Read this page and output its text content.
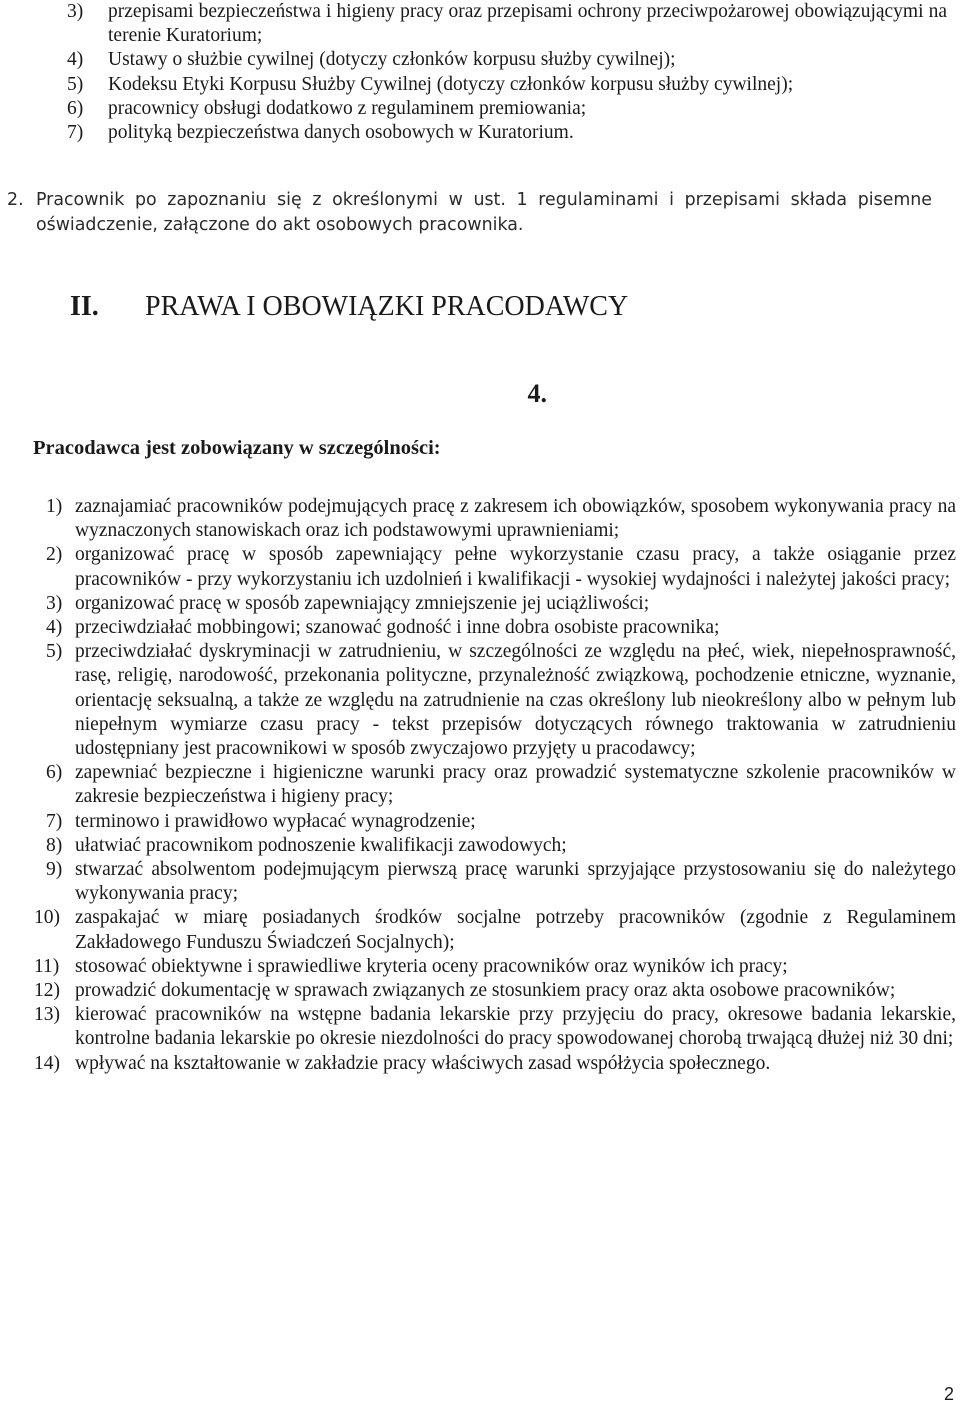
3) przepisami bezpieczeństwa i higieny pracy oraz przepisami ochrony przeciwpożarowej obowiązującymi na terenie Kuratorium;
4) Ustawy o służbie cywilnej (dotyczy członków korpusu służby cywilnej);
5) Kodeksu Etyki Korpusu Służby Cywilnej (dotyczy członków korpusu służby cywilnej);
6) pracownicy obsługi dodatkowo z regulaminem premiowania;
7) polityką bezpieczeństwa danych osobowych w Kuratorium.
2. Pracownik po zapoznaniu się z określonymi w ust. 1 regulaminami i przepisami składa pisemne oświadczenie, załączone do akt osobowych pracownika.
II. PRAWA I OBOWIĄZKI PRACODAWCY
4.
Pracodawca jest zobowiązany w szczególności:
1) zaznajamiać pracowników podejmujących pracę z zakresem ich obowiązków, sposobem wykonywania pracy na wyznaczonych stanowiskach oraz ich podstawowymi uprawnieniami;
2) organizować pracę w sposób zapewniający pełne wykorzystanie czasu pracy, a także osiąganie przez pracowników - przy wykorzystaniu ich uzdolnień i kwalifikacji - wysokiej wydajności i należytej jakości pracy;
3) organizować pracę w sposób zapewniający zmniejszenie jej uciążliwości;
4) przeciwdziałać mobbingowi; szanować godność i inne dobra osobiste pracownika;
5) przeciwdziałać dyskryminacji w zatrudnieniu, w szczególności ze względu na płeć, wiek, niepełnosprawność, rasę, religię, narodowość, przekonania polityczne, przynależność związkową, pochodzenie etniczne, wyznanie, orientację seksualną, a także ze względu na zatrudnienie na czas określony lub nieokreślony albo w pełnym lub niepełnym wymiarze czasu pracy - tekst przepisów dotyczących równego traktowania w zatrudnieniu udostępniany jest pracownikowi w sposób zwyczajowo przyjęty u pracodawcy;
6) zapewniać bezpieczne i higieniczne warunki pracy oraz prowadzić systematyczne szkolenie pracowników w zakresie bezpieczeństwa i higieny pracy;
7) terminowo i prawidłowo wypłacać wynagrodzenie;
8) ułatwiać pracownikom podnoszenie kwalifikacji zawodowych;
9) stwarzać absolwentom podejmującym pierwszą pracę warunki sprzyjające przystosowaniu się do należytego wykonywania pracy;
10) zaspakajać w miarę posiadanych środków socjalne potrzeby pracowników (zgodnie z Regulaminem Zakładowego Funduszu Świadczeń Socjalnych);
11) stosować obiektywne i sprawiedliwe kryteria oceny pracowników oraz wyników ich pracy;
12) prowadzić dokumentację w sprawach związanych ze stosunkiem pracy oraz akta osobowe pracowników;
13) kierować pracowników na wstępne badania lekarskie przy przyjęciu do pracy, okresowe badania lekarskie, kontrolne badania lekarskie po okresie niezdolności do pracy spowodowanej chorobą trwającą dłużej niż 30 dni;
14) wpływać na kształtowanie w zakładzie pracy właściwych zasad współżycia społecznego.
2
